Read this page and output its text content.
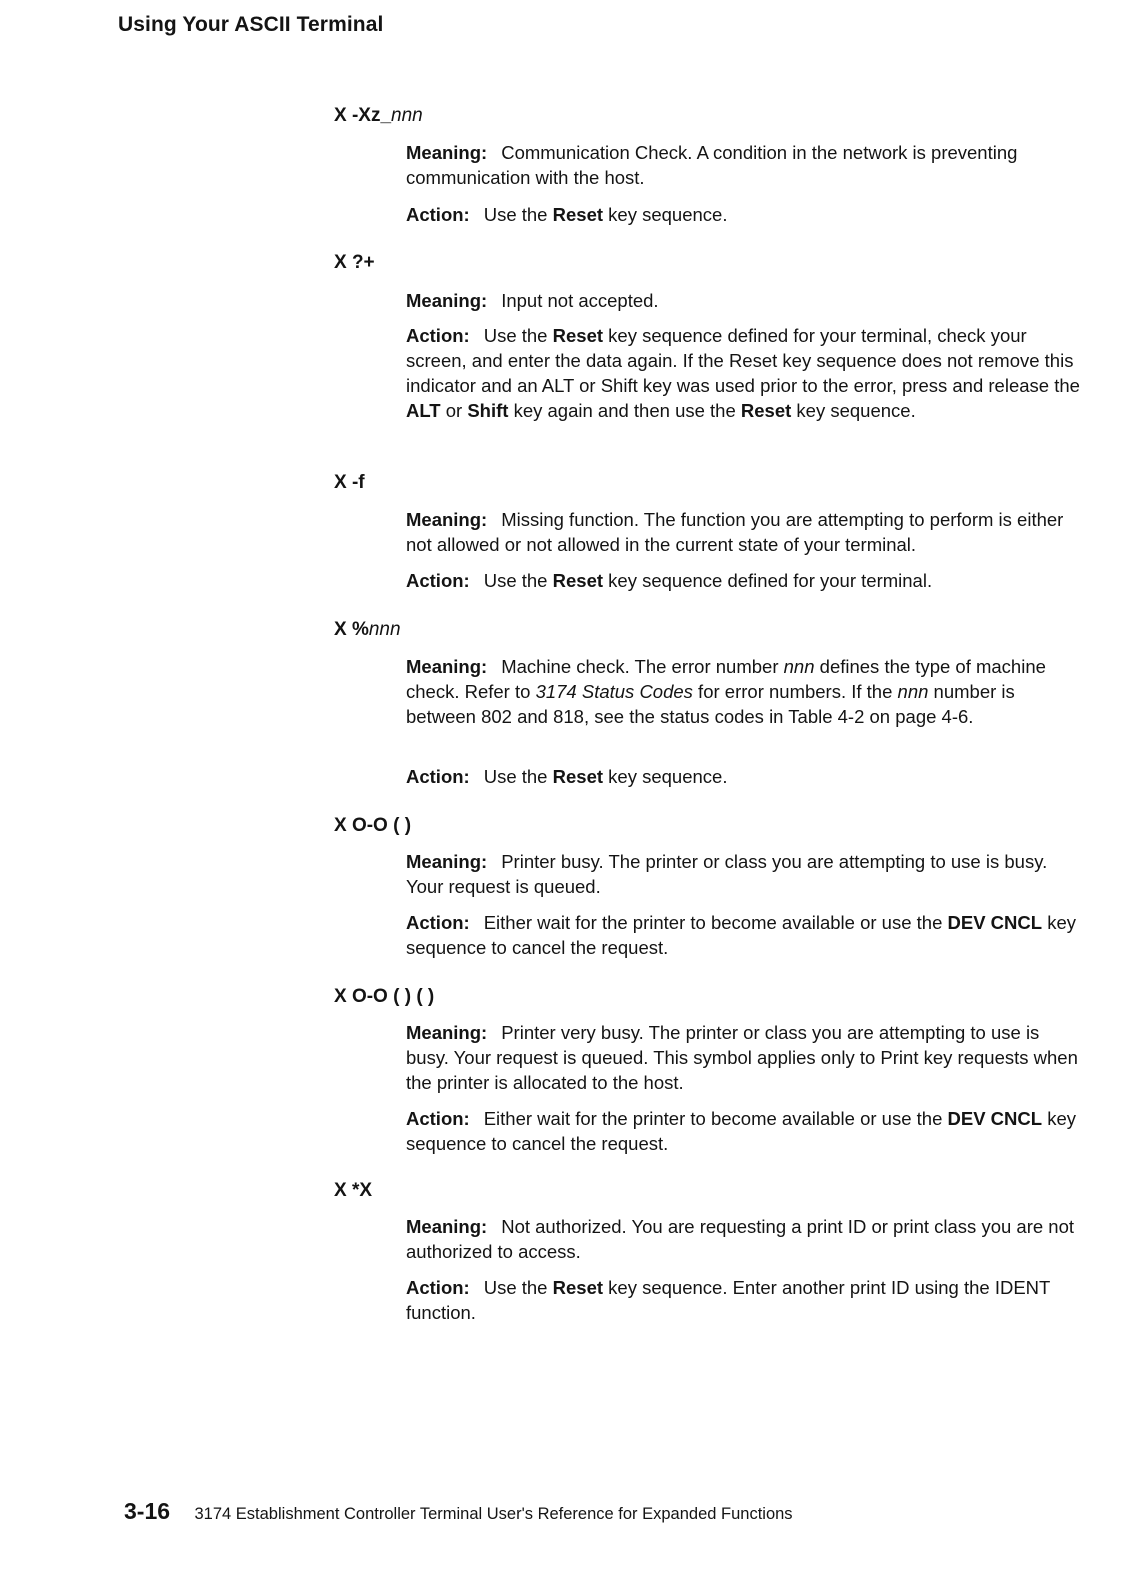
Using Your ASCII Terminal
X -Xz_nnn
Meaning: Communication Check. A condition in the network is preventing communication with the host.
Action: Use the Reset key sequence.
X ?+
Meaning: Input not accepted.
Action: Use the Reset key sequence defined for your terminal, check your screen, and enter the data again. If the Reset key sequence does not remove this indicator and an ALT or Shift key was used prior to the error, press and release the ALT or Shift key again and then use the Reset key sequence.
X -f
Meaning: Missing function. The function you are attempting to perform is either not allowed or not allowed in the current state of your terminal.
Action: Use the Reset key sequence defined for your terminal.
X %nnn
Meaning: Machine check. The error number nnn defines the type of machine check. Refer to 3174 Status Codes for error numbers. If the nnn number is between 802 and 818, see the status codes in Table 4-2 on page 4-6.
Action: Use the Reset key sequence.
X O-O ( )
Meaning: Printer busy. The printer or class you are attempting to use is busy. Your request is queued.
Action: Either wait for the printer to become available or use the DEV CNCL key sequence to cancel the request.
X O-O ( ) ( )
Meaning: Printer very busy. The printer or class you are attempting to use is busy. Your request is queued. This symbol applies only to Print key requests when the printer is allocated to the host.
Action: Either wait for the printer to become available or use the DEV CNCL key sequence to cancel the request.
X *X
Meaning: Not authorized. You are requesting a print ID or print class you are not authorized to access.
Action: Use the Reset key sequence. Enter another print ID using the IDENT function.
3-16 3174 Establishment Controller Terminal User's Reference for Expanded Functions
